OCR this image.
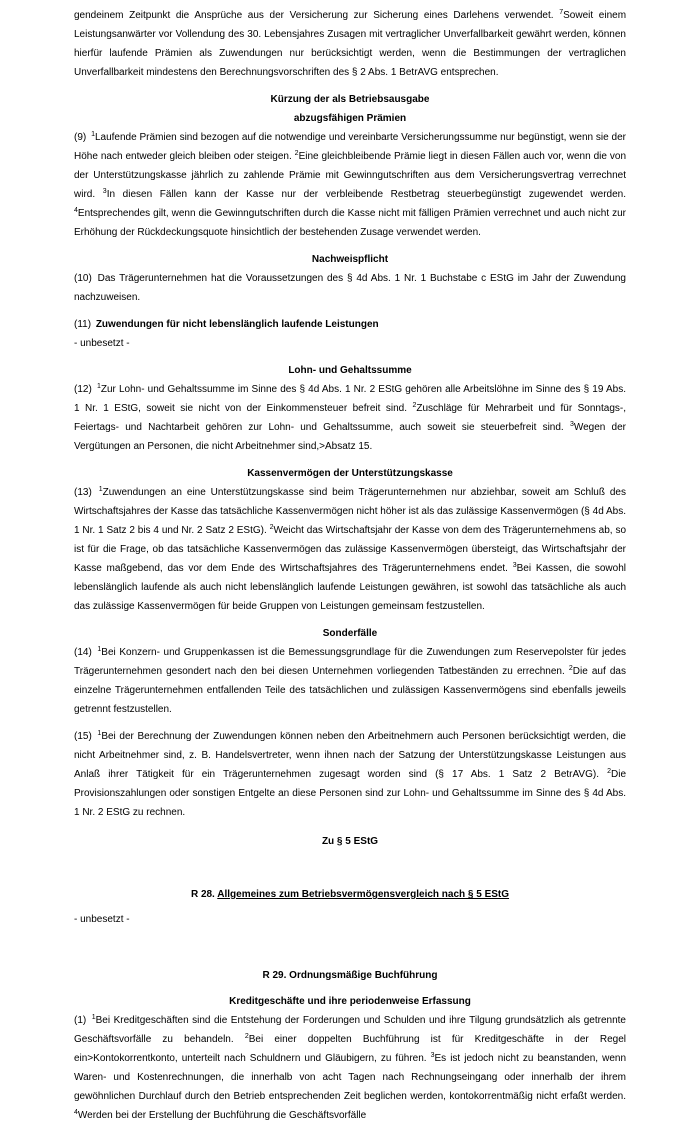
gendeinem Zeitpunkt die Ansprüche aus der Versicherung zur Sicherung eines Darlehens verwendet. $^7$Soweit einem Leistungsanwärter vor Vollendung des 30. Lebensjahres Zusagen mit vertraglicher Unverfallbarkeit gewährt werden, können hierfür laufende Prämien als Zuwendungen nur berücksichtigt werden, wenn die Bestimmungen der vertraglichen Unverfallbarkeit mindestens den Berechnungsvorschriften des § 2 Abs. 1 BetrAVG entsprechen.

Kürzung der als Betriebsausgabe

abzugsfähigen Prämien

(9) $^1$Laufende Prämien sind bezogen auf die notwendige und vereinbarte Versicherungssumme nur begünstigt, wenn sie der Höhe nach entweder gleich bleiben oder steigen. $^2$Eine gleichbleibende Prämie liegt in diesen Fällen auch vor, wenn die von der Unterstützungskasse jährlich zu zahlende Prämie mit Gewinngutschriften aus dem Versicherungsvertrag verrechnet wird. $^3$In diesen Fällen kann der Kasse nur der verbleibende Restbetrag steuerbegünstigt zugewendet werden. $^4$Entsprechendes gilt, wenn die Gewinngutschriften durch die Kasse nicht mit fälligen Prämien verrechnet und auch nicht zur Erhöhung der Rückdeckungsquote hinsichtlich der bestehenden Zusage verwendet werden.

Nachweispflicht

(10) Das Trägerunternehmen hat die Voraussetzungen des § 4d Abs. 1 Nr. 1 Buchstabe c EStG im Jahr der Zuwendung nachzuweisen.

(11) Zuwendungen für nicht lebenslänglich laufende Leistungen

- unbesetzt -

Lohn- und Gehaltssumme

(12) $^1$Zur Lohn- und Gehaltssumme im Sinne des § 4d Abs. 1 Nr. 2 EStG gehören alle Arbeitslöhne im Sinne des § 19 Abs. 1 Nr. 1 EStG, soweit sie nicht von der Einkommensteuer befreit sind. $^2$Zuschläge für Mehrarbeit und für Sonntags-, Feiertags- und Nachtarbeit gehören zur Lohn- und Gehaltssumme, auch soweit sie steuerbefreit sind. $^3$Wegen der Vergütungen an Personen, die nicht Arbeitnehmer sind,>Absatz 15.

Kassenvermögen der Unterstützungskasse

(13) $^1$Zuwendungen an eine Unterstützungskasse sind beim Trägerunternehmen nur abziehbar, soweit am Schluß des Wirtschaftsjahres der Kasse das tatsächliche Kassenvermögen nicht höher ist als das zulässige Kassenvermögen (§ 4d Abs. 1 Nr. 1 Satz 2 bis 4 und Nr. 2 Satz 2 EStG). $^2$Weicht das Wirtschaftsjahr der Kasse von dem des Trägerunternehmens ab, so ist für die Frage, ob das tatsächliche Kassenvermögen das zulässige Kassenvermögen übersteigt, das Wirtschaftsjahr der Kasse maßgebend, das vor dem Ende des Wirtschaftsjahres des Trägerunternehmens endet. $^3$Bei Kassen, die sowohl lebenslänglich laufende als auch nicht lebenslänglich laufende Leistungen gewähren, ist sowohl das tatsächliche als auch das zulässige Kassenvermögen für beide Gruppen von Leistungen gemeinsam festzustellen.

Sonderfälle

(14) $^1$Bei Konzern- und Gruppenkassen ist die Bemessungsgrundlage für die Zuwendungen zum Reservepolster für jedes Trägerunternehmen gesondert nach den bei diesen Unternehmen vorliegenden Tatbeständen zu errechnen. $^2$Die auf das einzelne Trägerunternehmen entfallenden Teile des tatsächlichen und zulässigen Kassenvermögens sind ebenfalls jeweils getrennt festzustellen.

(15) $^1$Bei der Berechnung der Zuwendungen können neben den Arbeitnehmern auch Personen berücksichtigt werden, die nicht Arbeitnehmer sind, z. B. Handelsvertreter, wenn ihnen nach der Satzung der Unterstützungskasse Leistungen aus Anlaß ihrer Tätigkeit für ein Trägerunternehmen zugesagt worden sind (§ 17 Abs. 1 Satz 2 BetrAVG). $^2$Die Provisionszahlungen oder sonstigen Entgelte an diese Personen sind zur Lohn- und Gehaltssumme im Sinne des § 4d Abs. 1 Nr. 2 EStG zu rechnen.

Zu § 5 EStG

R 28. Allgemeines zum Betriebsvermögensvergleich nach § 5 EStG

- unbesetzt -

R 29. Ordnungsmäßige Buchführung

Kreditgeschäfte und ihre periodenweise Erfassung

(1) $^1$Bei Kreditgeschäften sind die Entstehung der Forderungen und Schulden und ihre Tilgung grundsätzlich als getrennte Geschäftsvorfälle zu behandeln. $^2$Bei einer doppelten Buchführung ist für Kreditgeschäfte in der Regel ein>Kontokorrentkonto, unterteilt nach Schuldnern und Gläubigern, zu führen. $^3$Es ist jedoch nicht zu beanstanden, wenn Waren- und Kostenrechnungen, die innerhalb von acht Tagen nach Rechnungseingang oder innerhalb der ihrem gewöhnlichen Durchlauf durch den Betrieb entsprechenden Zeit beglichen werden, kontokorrentmäßig nicht erfaßt werden. $^4$Werden bei der Erstellung der Buchführung die Geschäftsvorfälle
